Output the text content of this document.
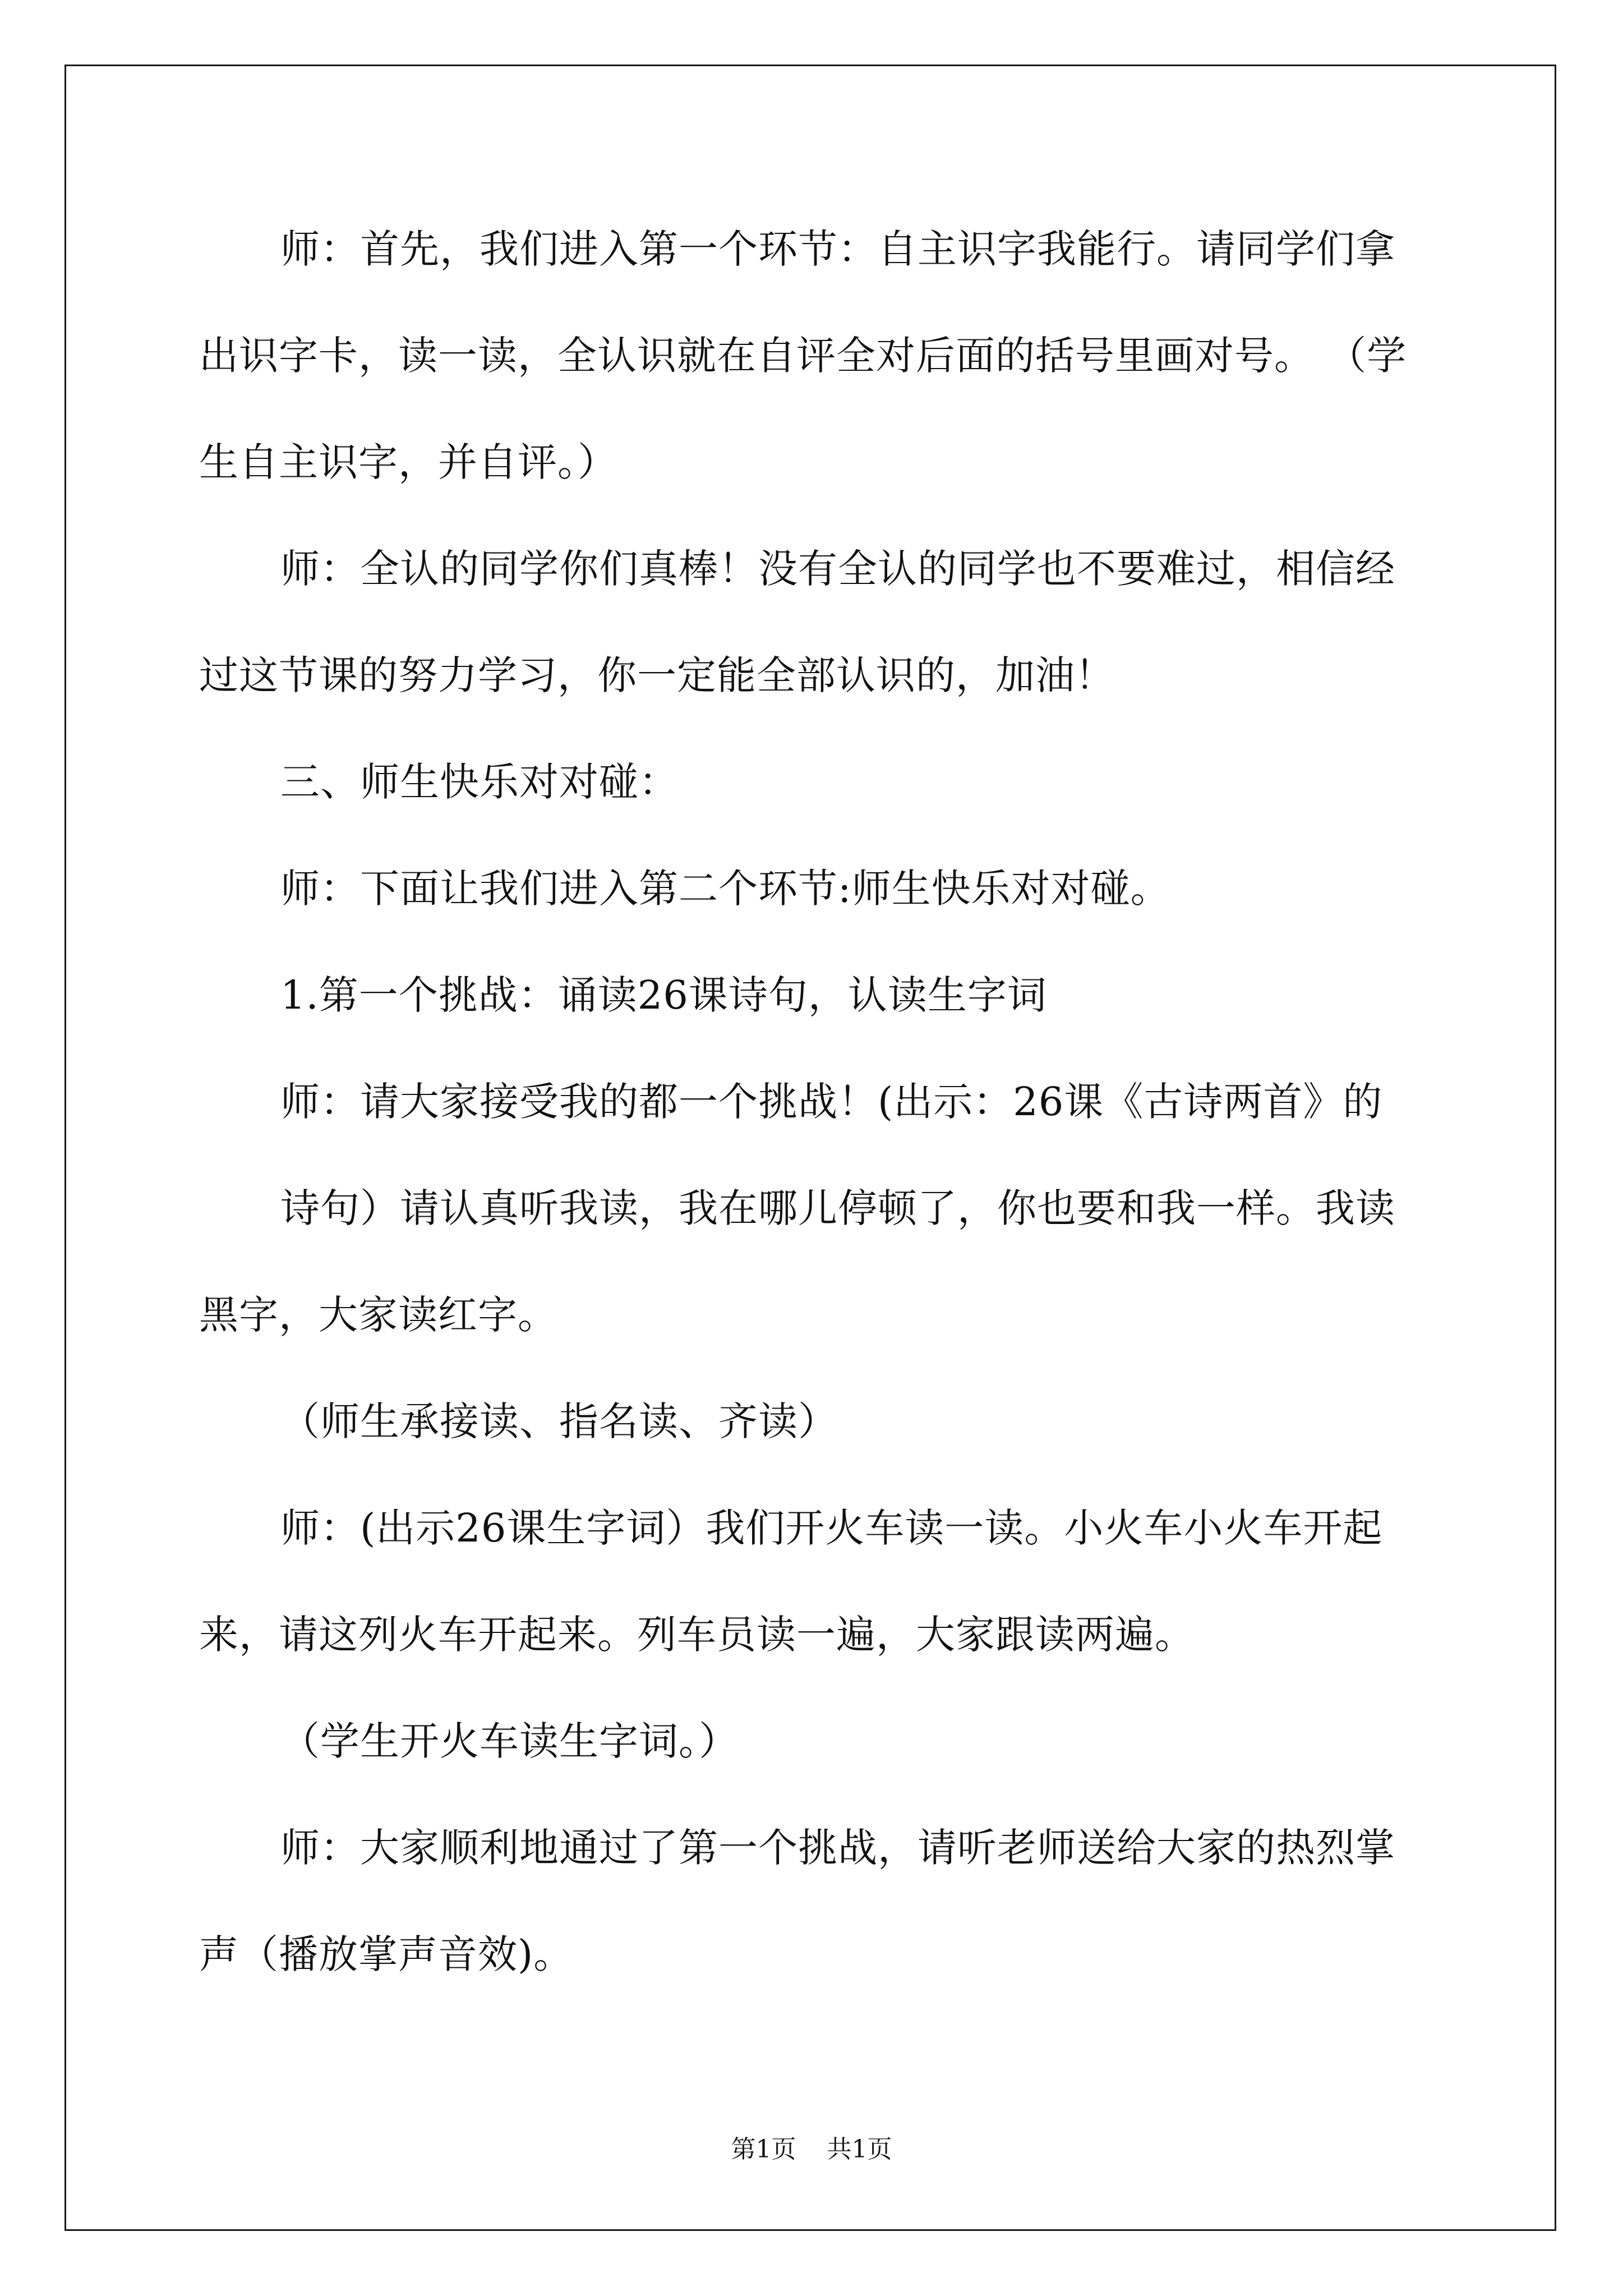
师：首先，我们进入第一个环节：自主识字我能行。请同学们拿
出识字卡，读一读，全认识就在自评全对后面的括号里画对号。 （学
生自主识字，并自评。）
师：全认的同学你们真棒！没有全认的同学也不要难过，相信经
过这节课的努力学习，你一定能全部认识的，加油！
三、师生快乐对对碰：
师：下面让我们进入第二个环节:师生快乐对对碰。
1.第一个挑战：诵读26课诗句，认读生字词
师：请大家接受我的都一个挑战！(出示：26课《古诗两首》的
诗句）请认真听我读，我在哪儿停顿了，你也要和我一样。我读
黑字，大家读红字。
（师生承接读、指名读、齐读）
师：(出示26课生字词）我们开火车读一读。小火车小火车开起
来，请这列火车开起来。列车员读一遍，大家跟读两遍。
（学生开火车读生字词。）
师：大家顺利地通过了第一个挑战，请听老师送给大家的热烈掌
声（播放掌声音效)。
第1页 共1页
